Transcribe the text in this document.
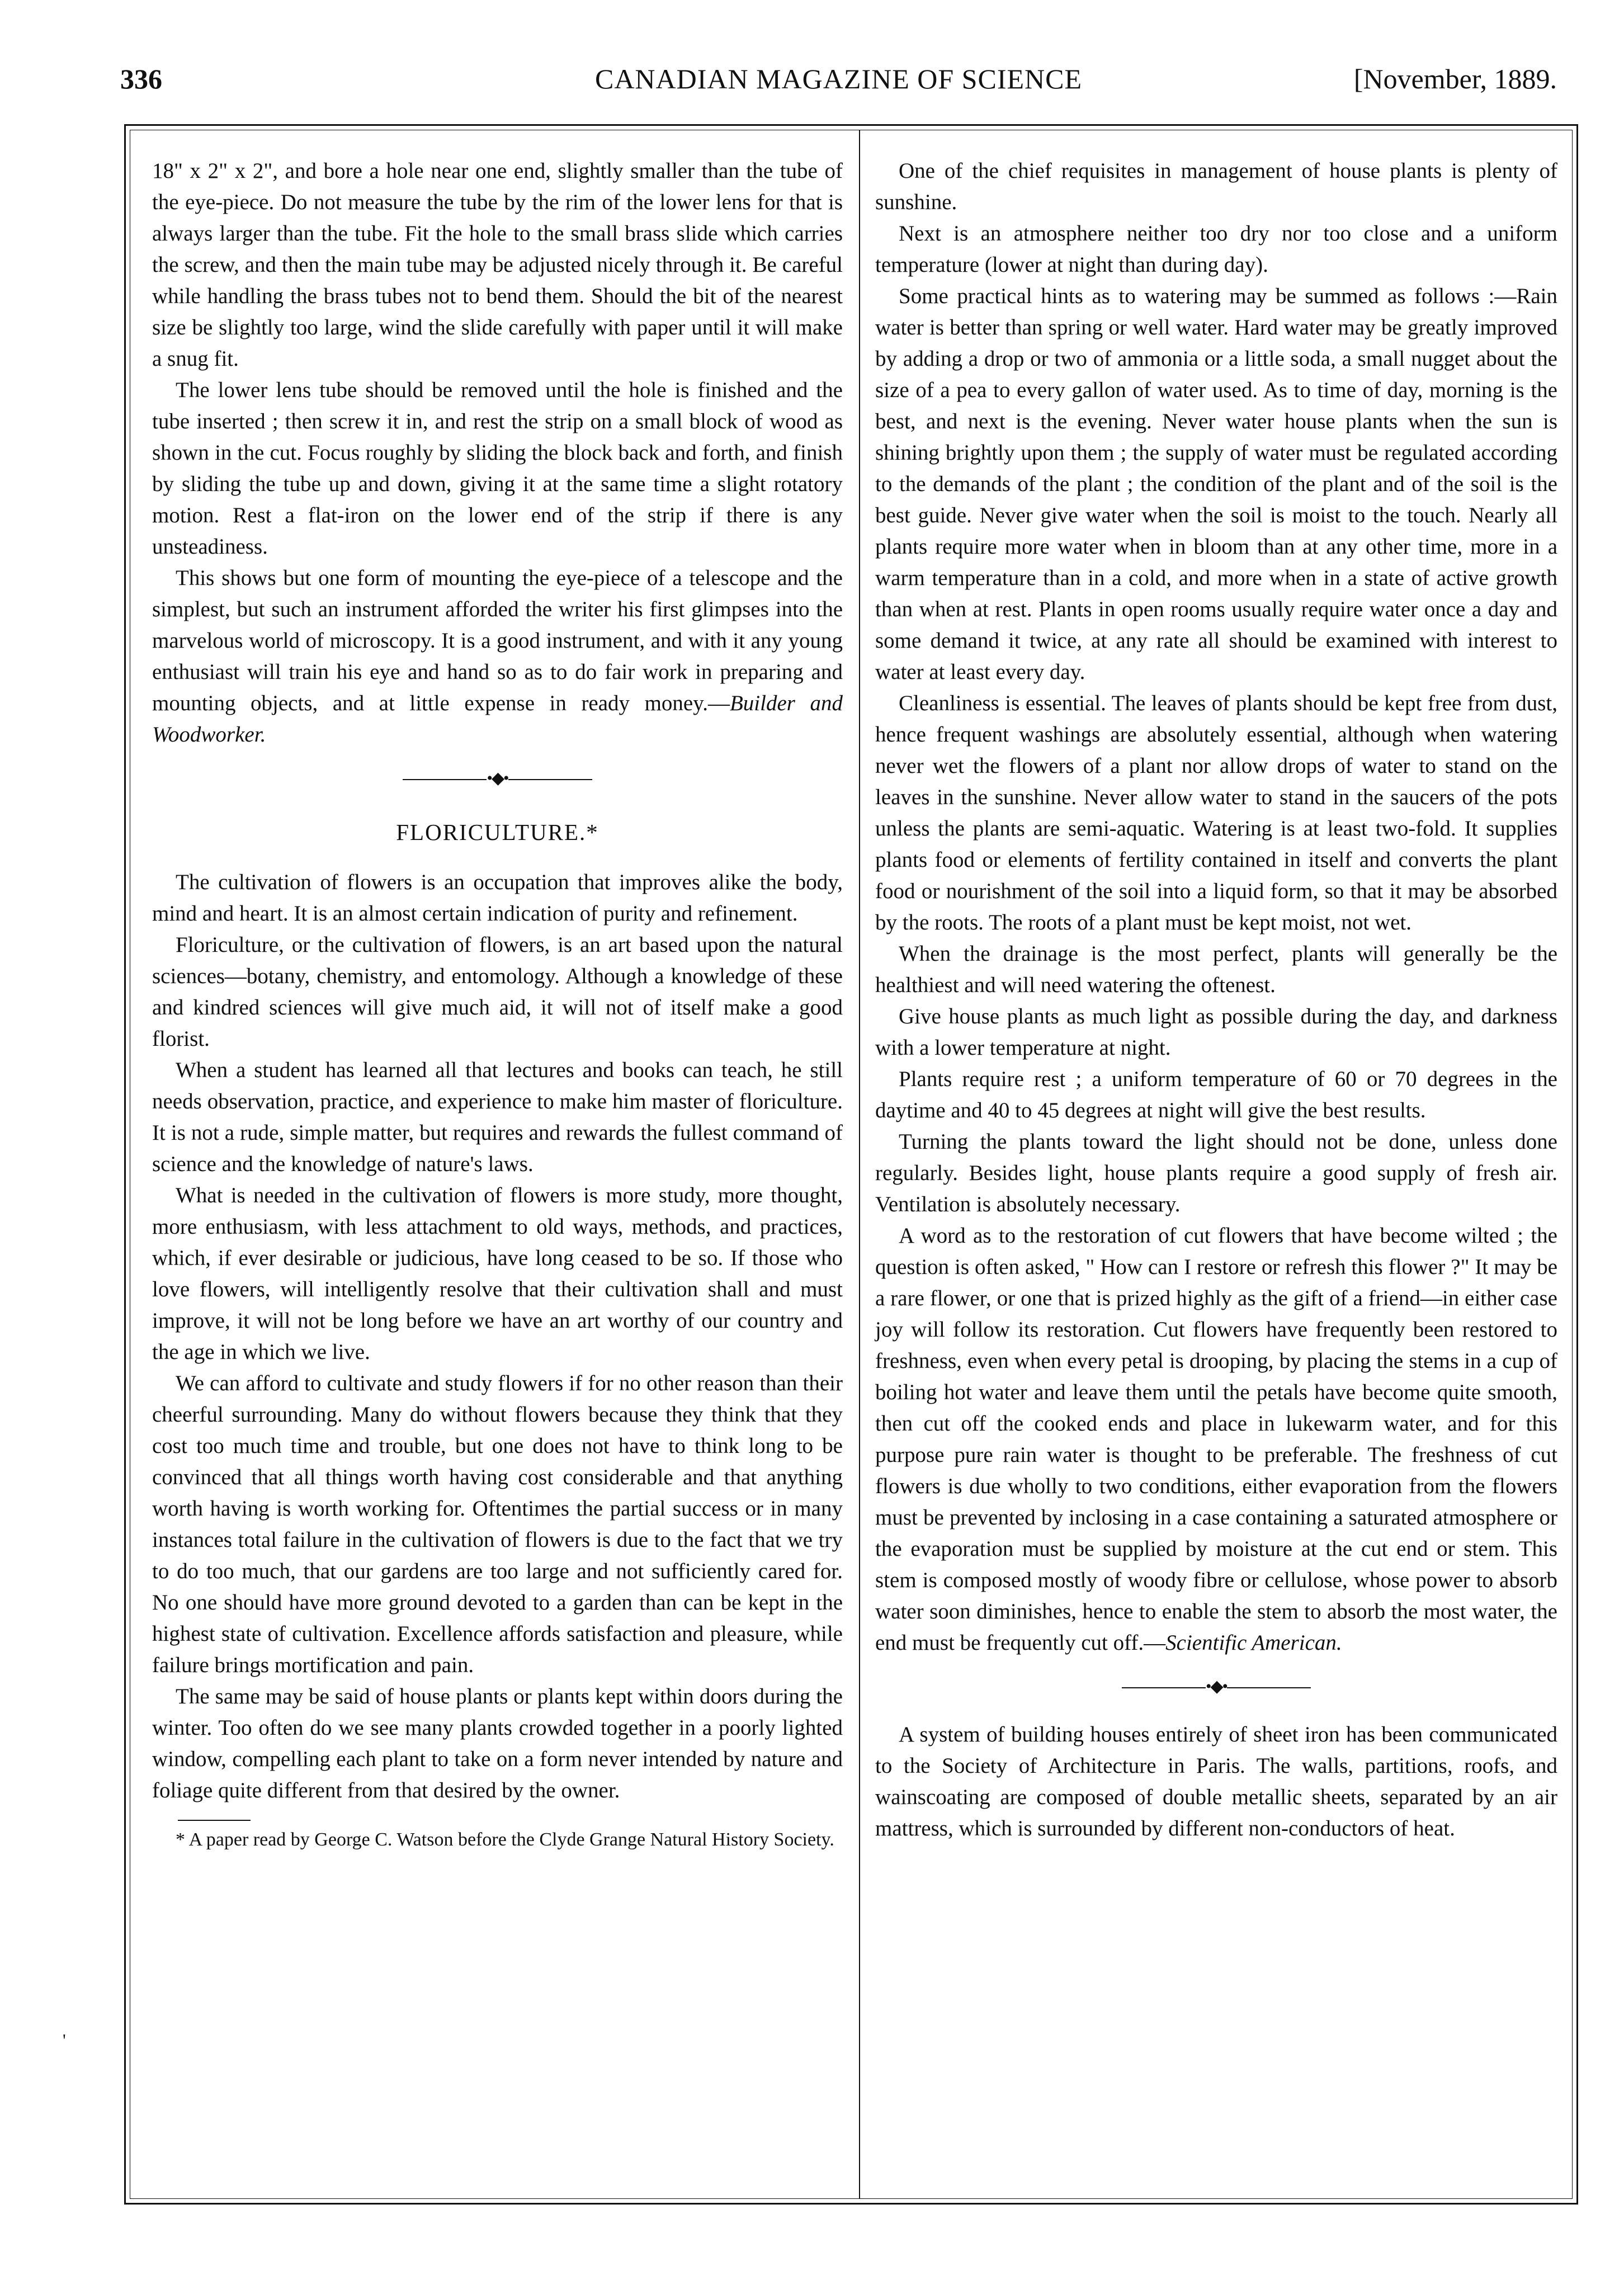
336	CANADIAN MAGAZINE OF SCIENCE	[November, 1889.

18" x 2" x 2", and bore a hole near one end, slightly smaller than the tube of the eye-piece. Do not measure the tube by the rim of the lower lens for that is always larger than the tube. Fit the hole to the small brass slide which carries the screw, and then the main tube may be adjusted nicely through it. Be careful while handling the brass tubes not to bend them. Should the bit of the nearest size be slightly too large, wind the slide carefully with paper until it will make a snug fit.

The lower lens tube should be removed until the hole is finished and the tube inserted ; then screw it in, and rest the strip on a small block of wood as shown in the cut. Focus roughly by sliding the block back and forth, and finish by sliding the tube up and down, giving it at the same time a slight rotatory motion. Rest a flat-iron on the lower end of the strip if there is any unsteadiness.

This shows but one form of mounting the eye-piece of a telescope and the simplest, but such an instrument afforded the writer his first glimpses into the marvelous world of microscopy. It is a good instrument, and with it any young enthusiast will train his eye and hand so as to do fair work in preparing and mounting objects, and at little expense in ready money.—Builder and Woodworker.

•◆•
FLORICULTURE.*

The cultivation of flowers is an occupation that improves alike the body, mind and heart. It is an almost certain indication of purity and refinement.

Floriculture, or the cultivation of flowers, is an art based upon the natural sciences—botany, chemistry, and entomology. Although a knowledge of these and kindred sciences will give much aid, it will not of itself make a good florist.

When a student has learned all that lectures and books can teach, he still needs observation, practice, and experience to make him master of floriculture. It is not a rude, simple matter, but requires and rewards the fullest command of science and the knowledge of nature's laws.

What is needed in the cultivation of flowers is more study, more thought, more enthusiasm, with less attachment to old ways, methods, and practices, which, if ever desirable or judicious, have long ceased to be so. If those who love flowers, will intelligently resolve that their cultivation shall and must improve, it will not be long before we have an art worthy of our country and the age in which we live.

We can afford to cultivate and study flowers if for no other reason than their cheerful surrounding. Many do without flowers because they think that they cost too much time and trouble, but one does not have to think long to be convinced that all things worth having cost considerable and that anything worth having is worth working for. Oftentimes the partial success or in many instances total failure in the cultivation of flowers is due to the fact that we try to do too much, that our gardens are too large and not sufficiently cared for. No one should have more ground devoted to a garden than can be kept in the highest state of cultivation. Excellence affords satisfaction and pleasure, while failure brings mortification and pain.

The same may be said of house plants or plants kept within doors during the winter. Too often do we see many plants crowded together in a poorly lighted window, compelling each plant to take on a form never intended by nature and foliage quite different from that desired by the owner.

* A paper read by George C. Watson before the Clyde Grange Natural History Society.

One of the chief requisites in management of house plants is plenty of sunshine.

Next is an atmosphere neither too dry nor too close and a uniform temperature (lower at night than during day).

Some practical hints as to watering may be summed as follows :—Rain water is better than spring or well water. Hard water may be greatly improved by adding a drop or two of ammonia or a little soda, a small nugget about the size of a pea to every gallon of water used. As to time of day, morning is the best, and next is the evening. Never water house plants when the sun is shining brightly upon them ; the supply of water must be regulated according to the demands of the plant ; the condition of the plant and of the soil is the best guide. Never give water when the soil is moist to the touch. Nearly all plants require more water when in bloom than at any other time, more in a warm temperature than in a cold, and more when in a state of active growth than when at rest. Plants in open rooms usually require water once a day and some demand it twice, at any rate all should be examined with interest to water at least every day.

Cleanliness is essential. The leaves of plants should be kept free from dust, hence frequent washings are absolutely essential, although when watering never wet the flowers of a plant nor allow drops of water to stand on the leaves in the sunshine. Never allow water to stand in the saucers of the pots unless the plants are semi-aquatic. Watering is at least two-fold. It supplies plants food or elements of fertility contained in itself and converts the plant food or nourishment of the soil into a liquid form, so that it may be absorbed by the roots. The roots of a plant must be kept moist, not wet.

When the drainage is the most perfect, plants will generally be the healthiest and will need watering the oftenest.

Give house plants as much light as possible during the day, and darkness with a lower temperature at night.

Plants require rest ; a uniform temperature of 60 or 70 degrees in the daytime and 40 to 45 degrees at night will give the best results.

Turning the plants toward the light should not be done, unless done regularly. Besides light, house plants require a good supply of fresh air. Ventilation is absolutely necessary.

A word as to the restoration of cut flowers that have become wilted ; the question is often asked, " How can I restore or refresh this flower ?" It may be a rare flower, or one that is prized highly as the gift of a friend—in either case joy will follow its restoration. Cut flowers have frequently been restored to freshness, even when every petal is drooping, by placing the stems in a cup of boiling hot water and leave them until the petals have become quite smooth, then cut off the cooked ends and place in lukewarm water, and for this purpose pure rain water is thought to be preferable. The freshness of cut flowers is due wholly to two conditions, either evaporation from the flowers must be prevented by inclosing in a case containing a saturated atmosphere or the evaporation must be supplied by moisture at the cut end or stem. This stem is composed mostly of woody fibre or cellulose, whose power to absorb water soon diminishes, hence to enable the stem to absorb the most water, the end must be frequently cut off.—Scientific American.

•◆•

A system of building houses entirely of sheet iron has been communicated to the Society of Architecture in Paris. The walls, partitions, roofs, and wainscoating are composed of double metallic sheets, separated by an air mattress, which is surrounded by different non-conductors of heat.

'
